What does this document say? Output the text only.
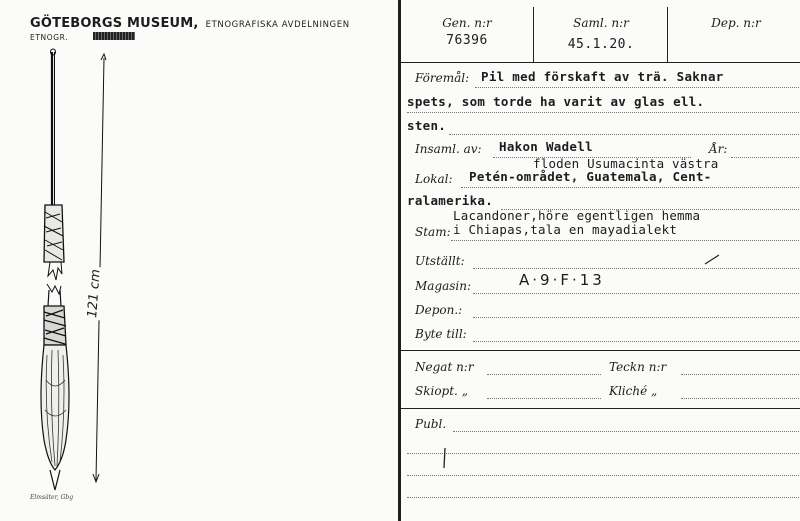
GÖTEBORGS MUSEUM, ETNOGRAFISKA AVDELNINGEN
ETNOGR.
121 cm
Elmsäter, Gbg
Gen. n:r
76396
Saml. n:r
45.1.20.
Dep. n:r
Föremål: Pil med förskaft av trä. Saknar
spets, som torde ha varit av glas ell.
sten.
Insaml. av: Hakon Wadell	År:
floden Usumacinta västra
Lokal: Petén-området, Guatemala, Cent-
ralamerika.
Lacandoner,höre egentligen hemma
Stam: i Chiapas,tala en mayadialekt
Utställt:
Magasin:	A·9·F·13
Depon.:
Byte till:
Negat n:r	Teckn n:r
Skiopt. „	Kliché „
Publ.
